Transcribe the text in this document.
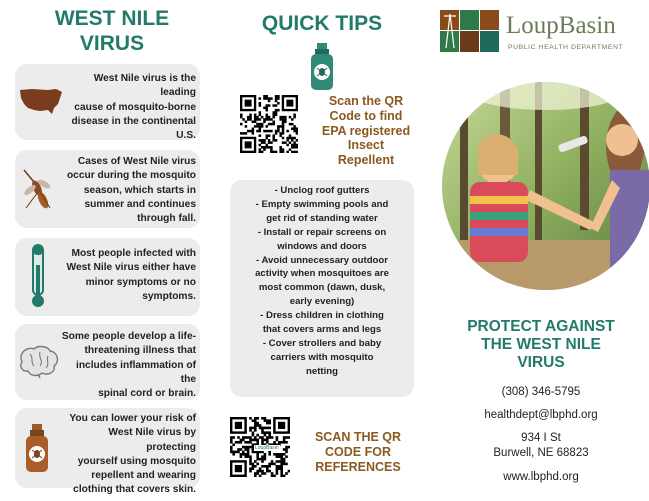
WEST NILE
VIRUS
West Nile virus is the leading
cause of mosquito-borne
disease in the continental
U.S.
Cases of West Nile virus
occur during the mosquito
season, which starts in
summer and continues
through fall.
Most people infected with
West Nile virus either have
minor symptoms or no
symptoms.
Some people develop a life-
threatening illness that
includes inflammation of the
spinal cord or brain.
You can lower your risk of
West Nile virus by protecting
yourself using mosquito
repellent and wearing
clothing that covers skin.
QUICK TIPS
Scan the QR
Code to find
EPA registered
Insect
Repellent
- Unclog roof gutters
- Empty swimming pools and
get rid of standing water
- Install or repair screens on
windows and doors
- Avoid unnecessary outdoor
activity when mosquitoes are
most common (dawn, dusk,
early evening)
- Dress children in clothing
that covers arms and legs
- Cover strollers and baby
carriers with mosquito
netting
LoupBasin
SCAN THE QR
CODE FOR
REFERENCES
LoupBasin
PUBLIC HEALTH DEPARTMENT
PROTECT AGAINST
THE WEST NILE
VIRUS
(308) 346-5795
healthdept@lbphd.org
934 I St
Burwell, NE 68823
www.lbphd.org
